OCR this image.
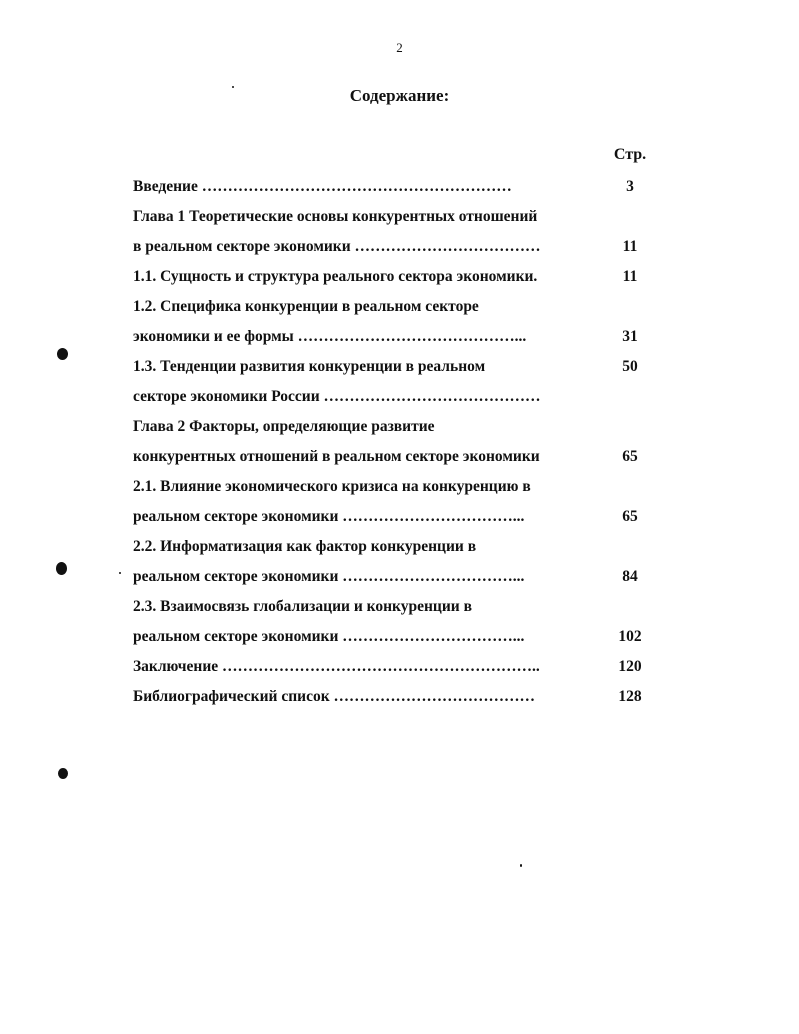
2
Содержание:
Стр.
Введение ……………………………………………………	3
Глава 1 Теоретические основы конкурентных отношений
в реальном секторе экономики ………………………………	11
1.1. Сущность и структура реального сектора экономики.	11
1.2. Специфика конкуренции в реальном секторе
экономики и ее формы ……………………………………...	31
1.3. Тенденции развития конкуренции в реальном	50
секторе экономики России ……………………………………
Глава 2 Факторы, определяющие развитие
конкурентных отношений в реальном секторе экономики	65
2.1. Влияние экономического кризиса на конкуренцию в
реальном секторе экономики ……………………………...	65
2.2. Информатизация как фактор конкуренции в
реальном секторе экономики ……………………………...	84
2.3. Взаимосвязь глобализации и конкуренции в
реальном секторе экономики ……………………………...	102
Заключение ……………………………………………………..	120
Библиографический список …………………………………	128
